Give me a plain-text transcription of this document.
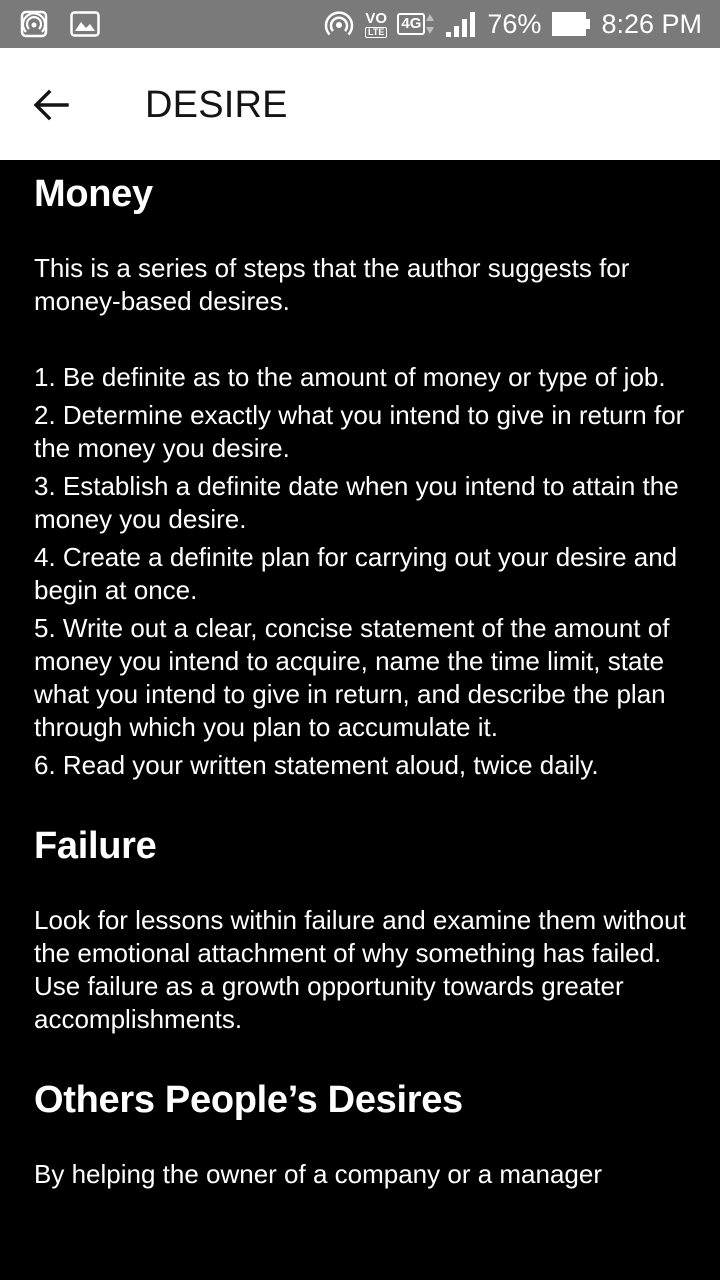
VO
LTE 4G 76% 8:26 PM
DESIRE
Money

This is a series of steps that the author suggests for money-based desires.

1. Be definite as to the amount of money or type of job.
2. Determine exactly what you intend to give in return for the money you desire.
3. Establish a definite date when you intend to attain the money you desire.
4. Create a definite plan for carrying out your desire and begin at once.
5. Write out a clear, concise statement of the amount of money you intend to acquire, name the time limit, state what you intend to give in return, and describe the plan through which you plan to accumulate it.
6. Read your written statement aloud, twice daily.
Failure

Look for lessons within failure and examine them without the emotional attachment of why something has failed. Use failure as a growth opportunity towards greater accomplishments.

Others People’s Desires

By helping the owner of a company or a manager
